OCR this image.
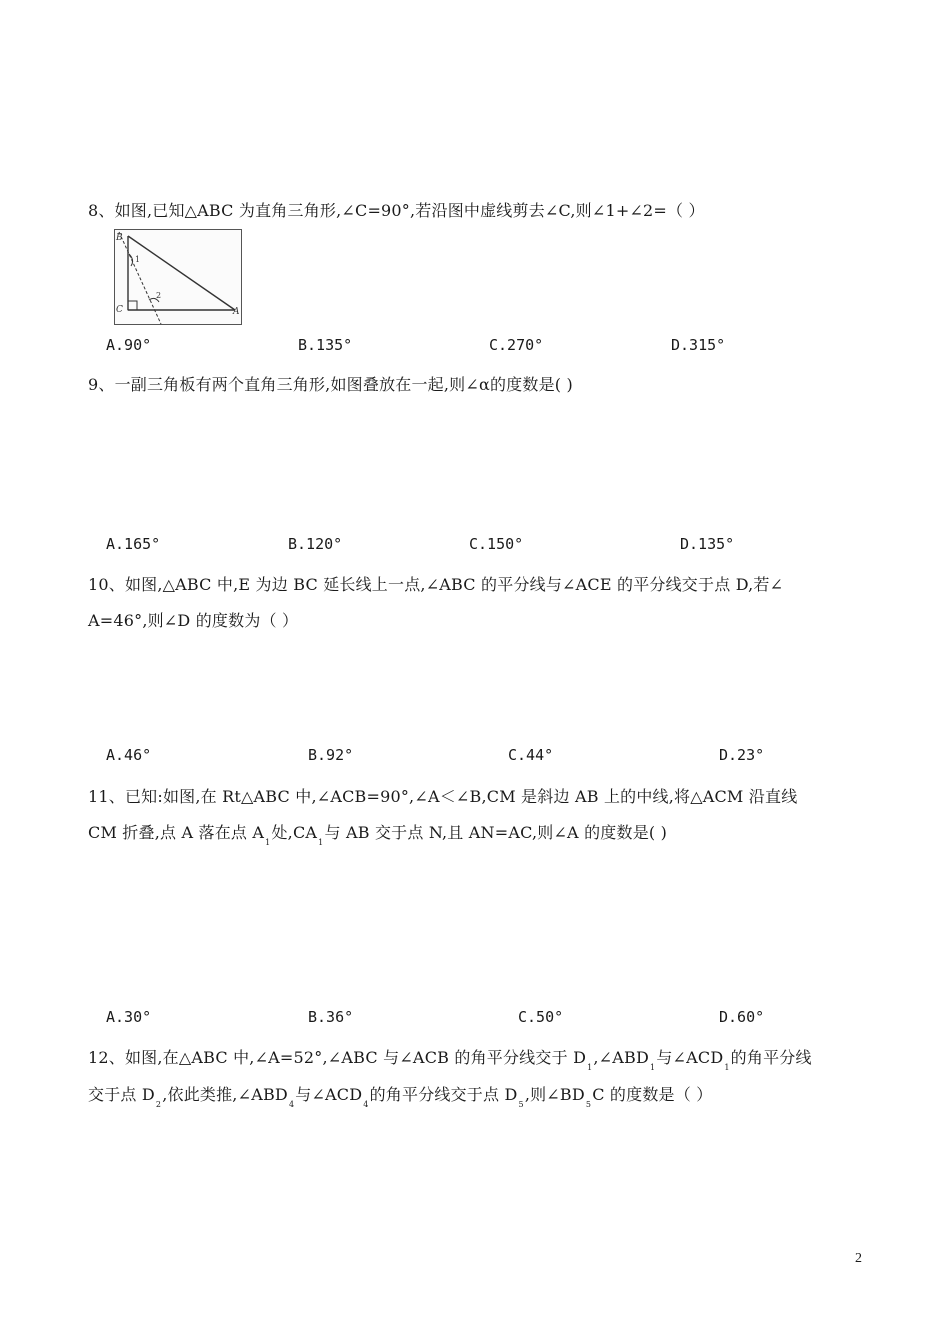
8、如图,已知△ABC 为直角三角形,∠C=90°,若沿图中虚线剪去∠C,则∠1+∠2=（ ）
B
C	A
1
2
A.90°	B.135°	C.270°	D.315°
9、一副三角板有两个直角三角形,如图叠放在一起,则∠α的度数是( )
A.165°	B.120°	C.150°	D.135°
10、如图,△ABC 中,E 为边 BC 延长线上一点,∠ABC 的平分线与∠ACE 的平分线交于点 D,若∠
A=46°,则∠D 的度数为（ ）
A.46°	B.92°	C.44°	D.23°
11、已知:如图,在 Rt△ABC 中,∠ACB=90°,∠A＜∠B,CM 是斜边 AB 上的中线,将△ACM 沿直线
CM 折叠,点 A 落在点 $A_1$处$,CA_1$与 AB 交于点 N,且 AN=AC,则∠A 的度数是( )
A.30°	B.36°	C.50°	D.60°
12、如图,在△ABC 中,∠A=52°,∠ABC 与∠ACB 的角平分线交于 $D_1,\angle ABD_1$与$\angle ACD_1$的角平分线
交于点 $D_2$,依此类推$,\angle ABD_4$与$\angle ACD_4$的角平分线交于点 $D_5$,则$\angle BD_5C$ 的度数是（ ）
2
